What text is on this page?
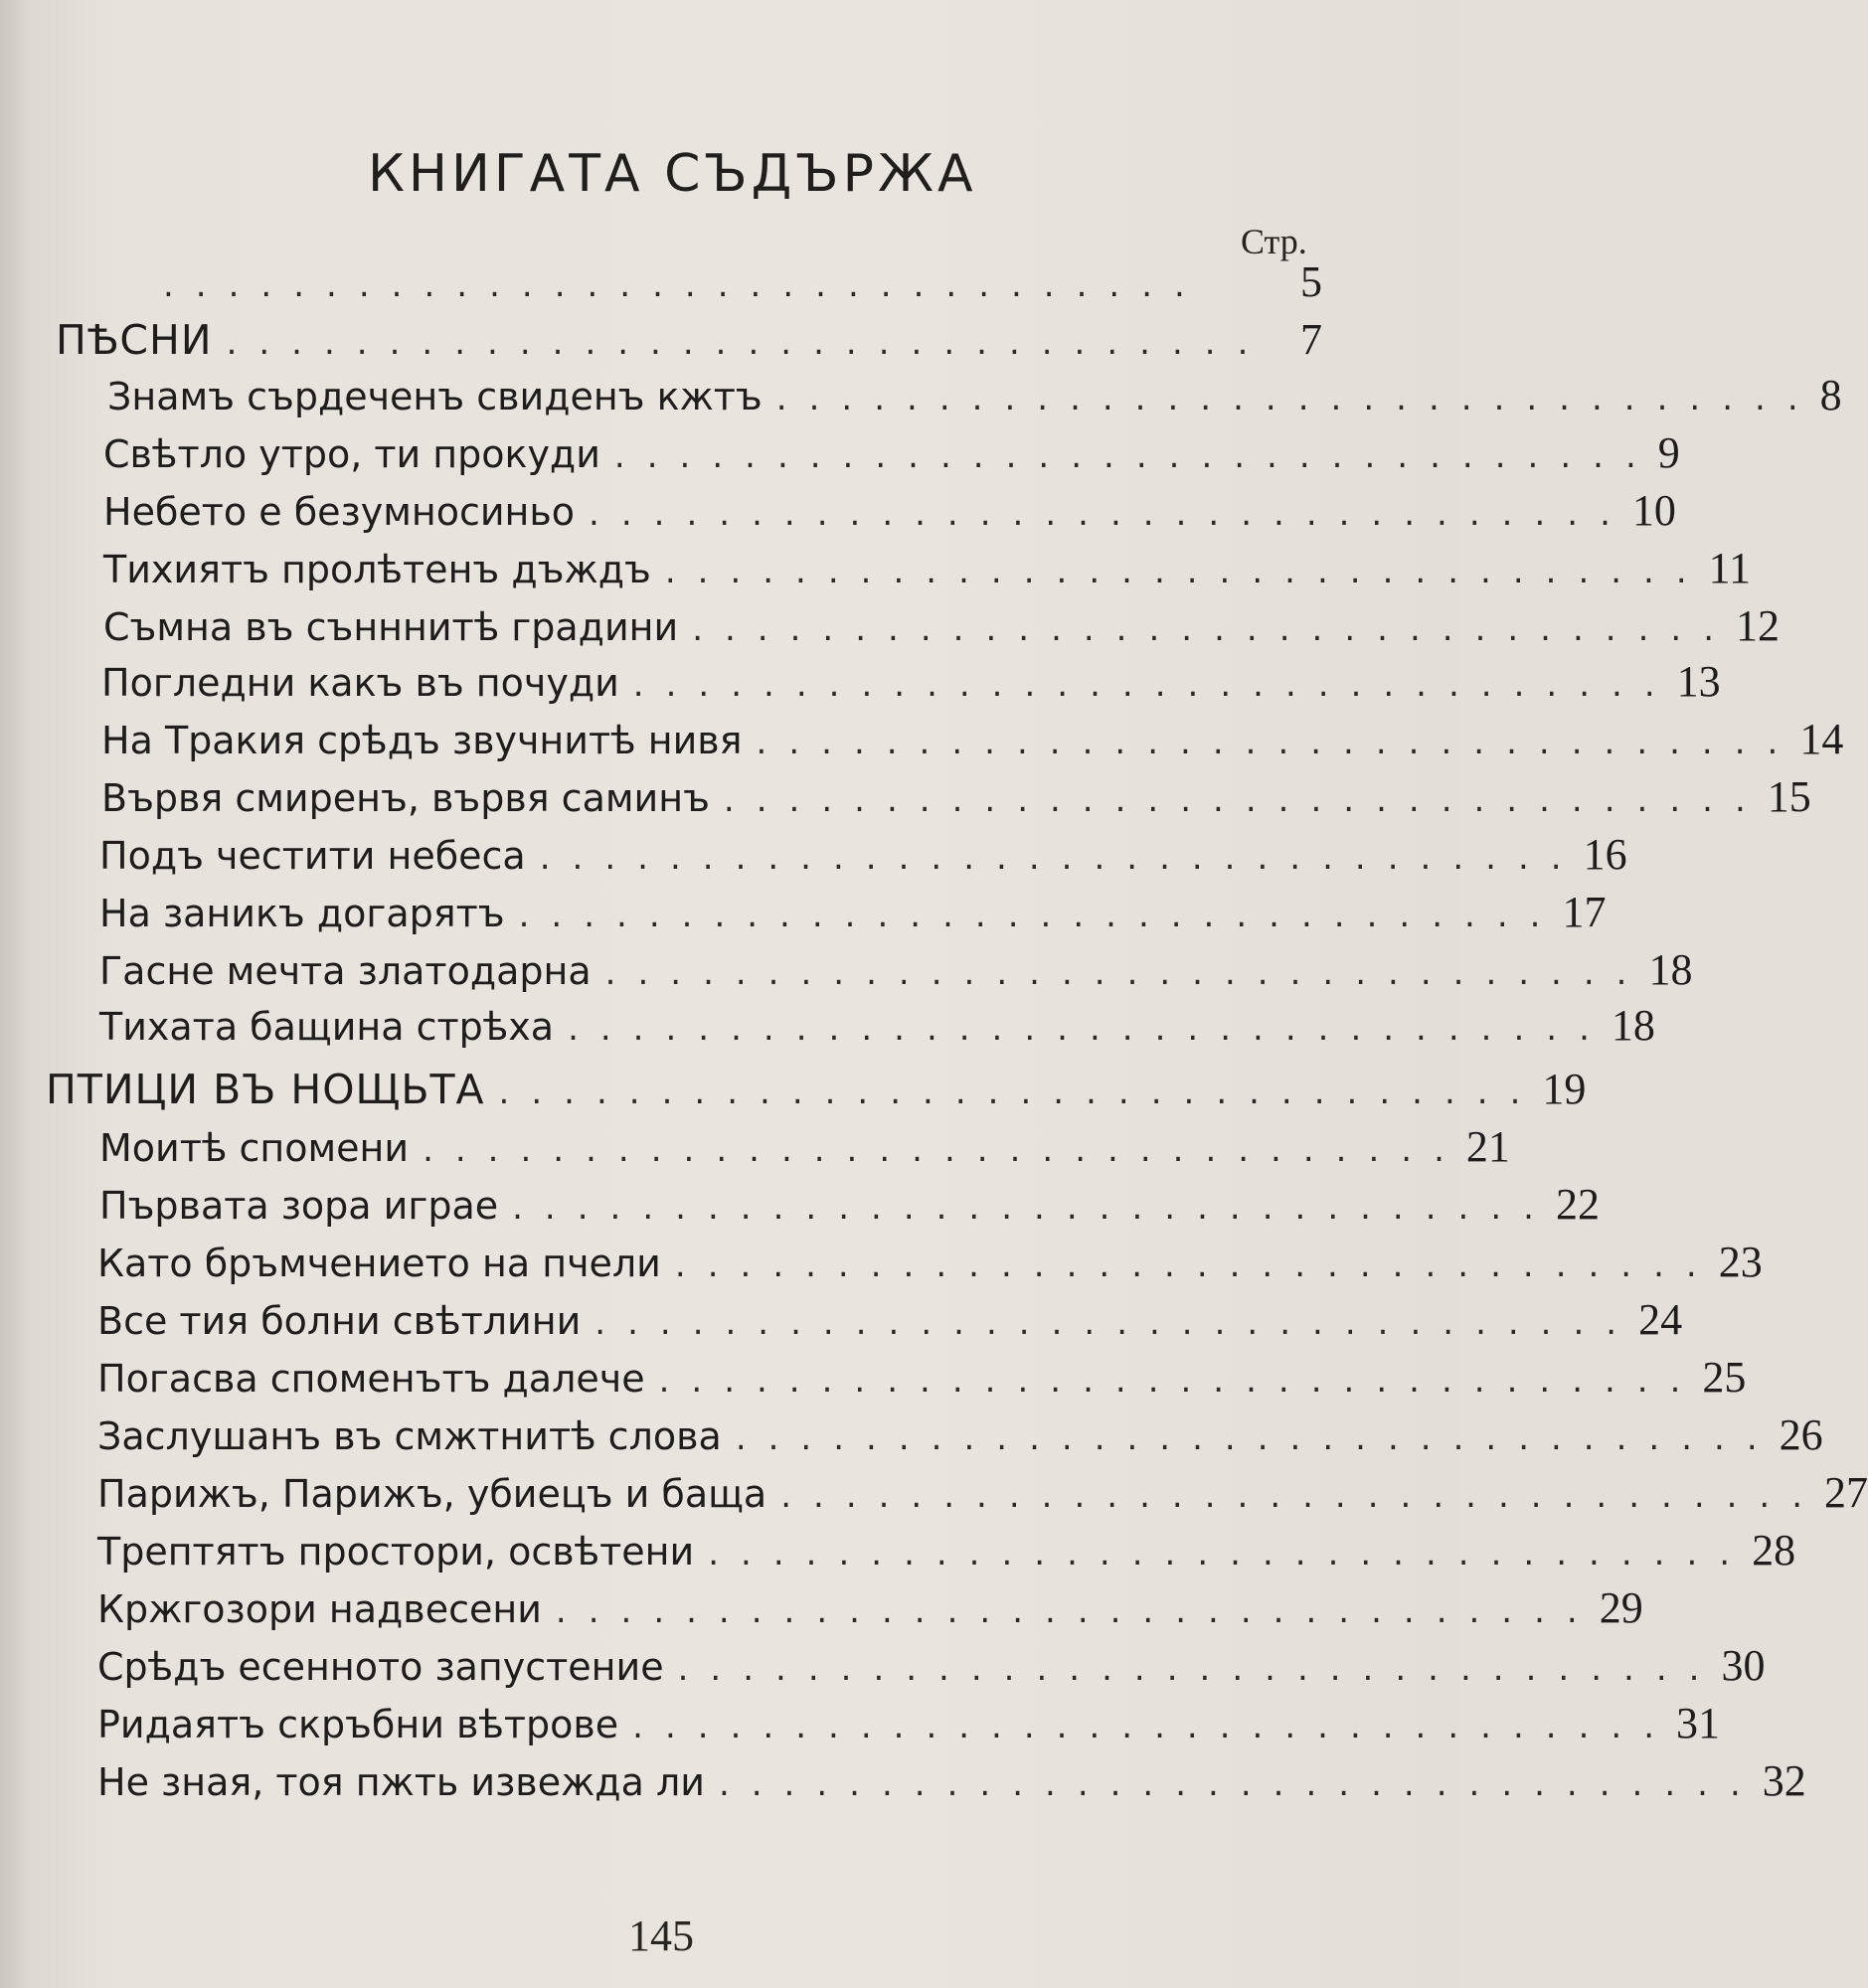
КНИГАТА СЪДЪРЖА
Стр.
................................	5
ПѢСНИ ................................ 7
Знамъ сърдеченъ свиденъ кжтъ ................................ 8
Свѣтло утро, ти прокуди ................................ 9
Небето е безумносиньо ................................ 10
Тихиятъ пролѣтенъ дъждъ ................................ 11
Съмна въ сънннитѣ градини ................................ 12
Погледни какъ въ почуди ................................ 13
На Тракия срѣдъ звучнитѣ нивя ................................ 14
Вървя смиренъ, вървя саминъ ................................ 15
Подъ честити небеса ................................ 16
На заникъ догарятъ ................................ 17
Гасне мечта златодарна ................................ 18
Тихата бащина стрѣха ................................ 18
ПТИЦИ ВЪ НОЩЬТА ................................ 19
Моитѣ спомени ................................ 21
Първата зора играе ................................ 22
Като бръмчението на пчели ................................ 23
Все тия болни свѣтлини ................................ 24
Погасва споменътъ далече ................................ 25
Заслушанъ въ смжтнитѣ слова ................................ 26
Парижъ, Парижъ, убиецъ и баща ................................ 27
Трептятъ простори, освѣтени ................................ 28
Кржгозори надвесени ................................ 29
Срѣдъ есенното запустение ................................ 30
Ридаятъ скръбни вѣтрове ................................ 31
Не зная, тоя пжть извежда ли ................................ 32
145
